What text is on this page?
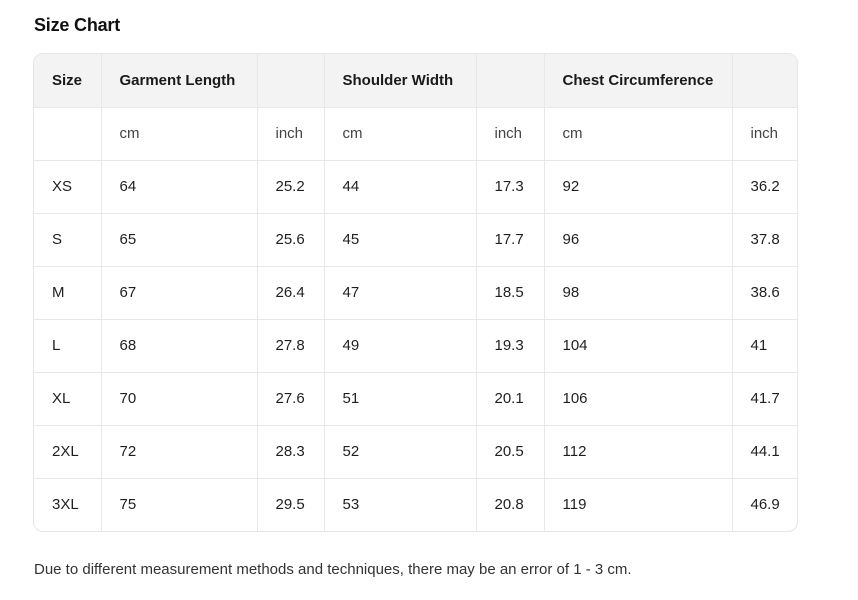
Size Chart
Size	Garment Length		Shoulder Width		Chest Circumference	
	cm	inch	cm	inch	cm	inch
XS	64	25.2	44	17.3	92	36.2
S	65	25.6	45	17.7	96	37.8
M	67	26.4	47	18.5	98	38.6
L	68	27.8	49	19.3	104	41
XL	70	27.6	51	20.1	106	41.7
2XL	72	28.3	52	20.5	112	44.1
3XL	75	29.5	53	20.8	119	46.9
Due to different measurement methods and techniques, there may be an error of 1 - 3 cm.
